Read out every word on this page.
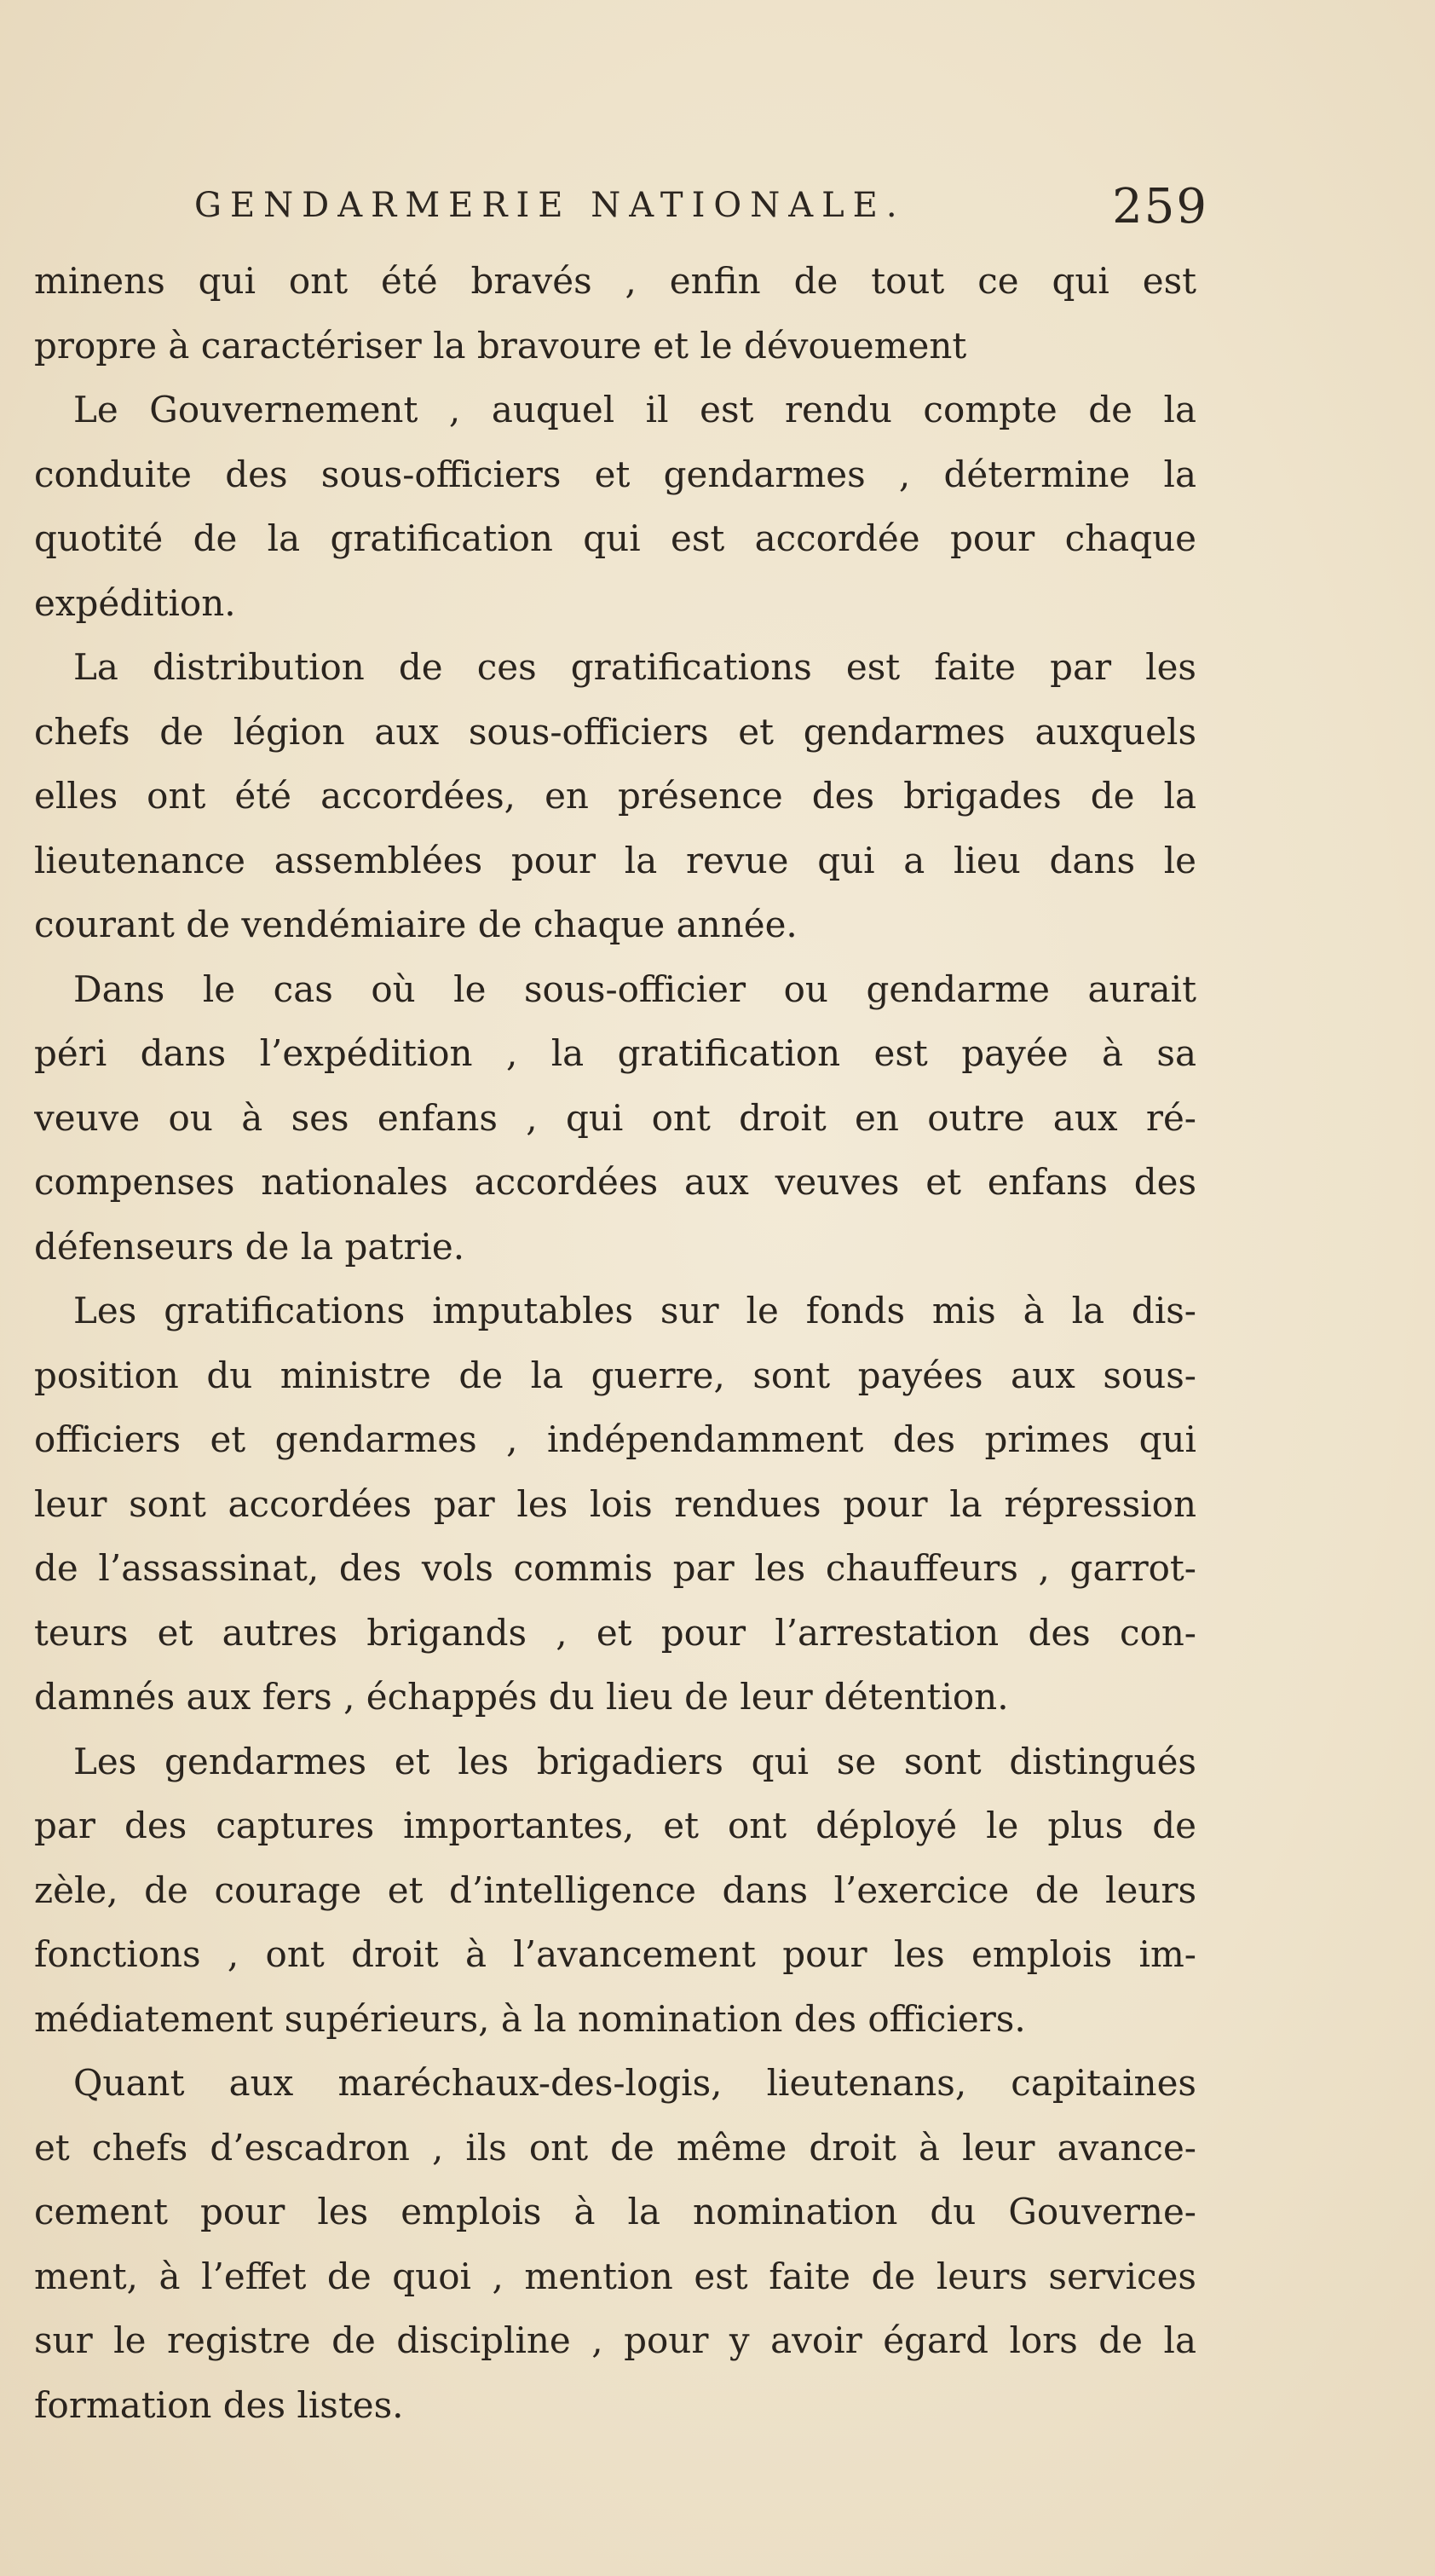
GENDARMERIE NATIONALE.	259
minens qui ont été bravés , enfin de tout ce qui est
propre à caractériser la bravoure et le dévouement
Le Gouvernement , auquel il est rendu compte de la
conduite des sous-officiers et gendarmes , détermine la
quotité de la gratification qui est accordée pour chaque
expédition.
La distribution de ces gratifications est faite par les
chefs de légion aux sous-officiers et gendarmes auxquels
elles ont été accordées, en présence des brigades de la
lieutenance assemblées pour la revue qui a lieu dans le
courant de vendémiaire de chaque année.
Dans le cas où le sous-officier ou gendarme aurait
péri dans l’expédition , la gratification est payée à sa
veuve ou à ses enfans , qui ont droit en outre aux ré-
compenses nationales accordées aux veuves et enfans des
défenseurs de la patrie.
Les gratifications imputables sur le fonds mis à la dis-
position du ministre de la guerre, sont payées aux sous-
officiers et gendarmes , indépendamment des primes qui
leur sont accordées par les lois rendues pour la répression
de l’assassinat, des vols commis par les chauffeurs , garrot-
teurs et autres brigands , et pour l’arrestation des con-
damnés aux fers , échappés du lieu de leur détention.
Les gendarmes et les brigadiers qui se sont distingués
par des captures importantes, et ont déployé le plus de
zèle, de courage et d’intelligence dans l’exercice de leurs
fonctions , ont droit à l’avancement pour les emplois im-
médiatement supérieurs, à la nomination des officiers.
Quant aux maréchaux-des-logis, lieutenans, capitaines
et chefs d’escadron , ils ont de même droit à leur avance-
cement pour les emplois à la nomination du Gouverne-
ment, à l’effet de quoi , mention est faite de leurs services
sur le registre de discipline , pour y avoir égard lors de la
formation des listes.
